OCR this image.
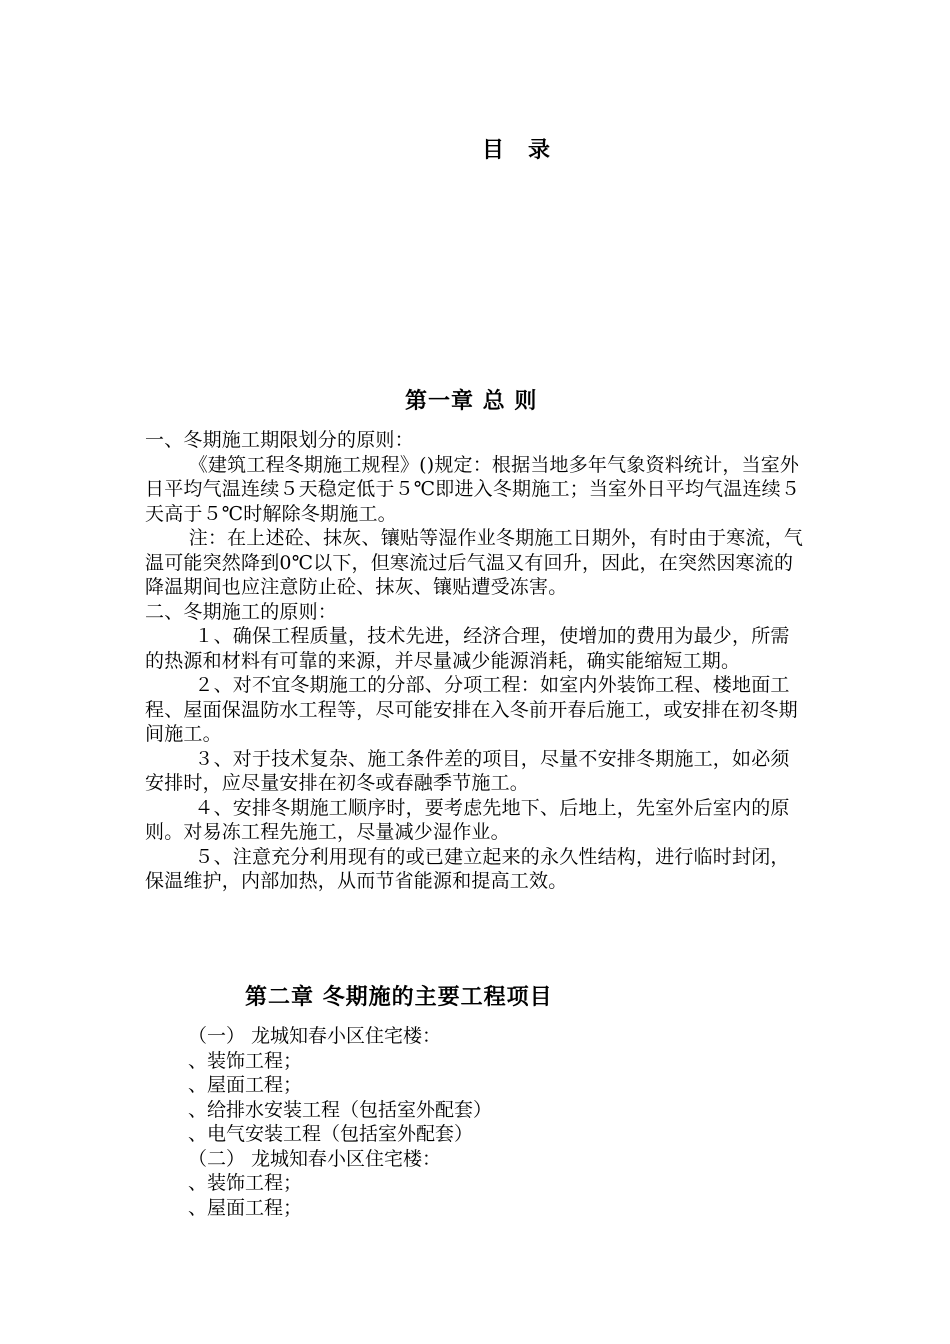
目　录
第一章 总 则

一、冬期施工期限划分的原则：

《建筑工程冬期施工规程》()规定：根据当地多年气象资料统计，当室外日平均气温连续５天稳定低于５℃即进入冬期施工；当室外日平均气温连续５天高于５℃时解除冬期施工。

注：在上述砼、抹灰、镶贴等湿作业冬期施工日期外，有时由于寒流，气温可能突然降到0℃以下，但寒流过后气温又有回升，因此，在突然因寒流的降温期间也应注意防止砼、抹灰、镶贴遭受冻害。

二、冬期施工的原则：

１、确保工程质量，技术先进，经济合理，使增加的费用为最少，所需的热源和材料有可靠的来源，并尽量减少能源消耗，确实能缩短工期。

２、对不宜冬期施工的分部、分项工程：如室内外装饰工程、楼地面工程、屋面保温防水工程等，尽可能安排在入冬前开春后施工，或安排在初冬期间施工。

３、对于技术复杂、施工条件差的项目，尽量不安排冬期施工，如必须安排时，应尽量安排在初冬或春融季节施工。

４、安排冬期施工顺序时，要考虑先地下、后地上，先室外后室内的原则。对易冻工程先施工，尽量减少湿作业。

５、注意充分利用现有的或已建立起来的永久性结构，进行临时封闭，保温维护，内部加热，从而节省能源和提高工效。

第二章 冬期施的主要工程项目

（一） 龙城知春小区住宅楼：

、装饰工程；

、屋面工程；

、给排水安装工程（包括室外配套）

、电气安装工程（包括室外配套）

（二） 龙城知春小区住宅楼：

、装饰工程；

、屋面工程；
